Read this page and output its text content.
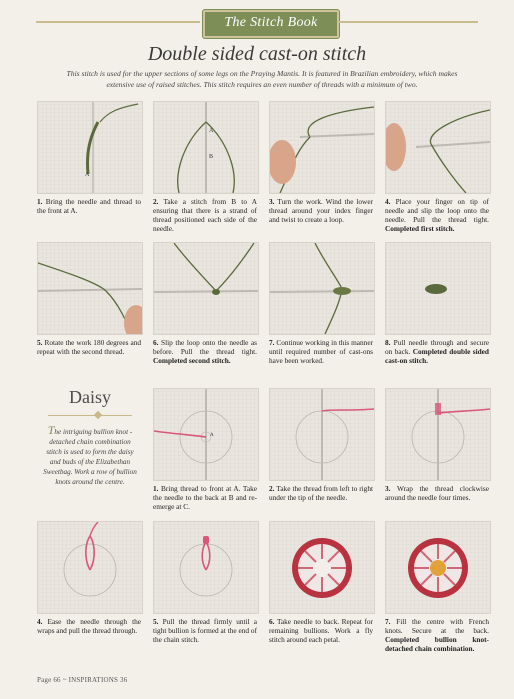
The Stitch Book
Double sided cast-on stitch
This stitch is used for the upper sections of some legs on the Praying Mantis. It is featured in Brazilian embroidery, which makes extensive use of raised stitches. This stitch requires an even number of threads with a minimum of two.
A
A
B
1. Bring the needle and thread to the front at A.
2. Take a stitch from B to A ensuring that there is a strand of thread positioned each side of the needle.
3. Turn the work. Wind the lower thread around your index finger and twist to create a loop.
4. Place your finger on tip of needle and slip the loop onto the needle. Pull the thread tight. Completed first stitch.
5. Rotate the work 180 degrees and repeat with the second thread.
6. Slip the loop onto the needle as before. Pull the thread tight. Completed second stitch.
7. Continue working in this manner until required number of cast-ons have been worked.
8. Pull needle through and secure on back. Completed double sided cast-on stitch.
Daisy
The intriguing bullion knot - detached chain combination stitch is used to form the daisy and buds of the Elizabethan Sweetbag. Work a row of bullion knots around the centre.
A
1. Bring thread to front at A. Take the needle to the back at B and re-emerge at C.
2. Take the thread from left to right under the tip of the needle.
3. Wrap the thread clockwise around the needle four times.
4. Ease the needle through the wraps and pull the thread through.
5. Pull the thread firmly until a tight bullion is formed at the end of the chain stitch.
6. Take needle to back. Repeat for remaining bullions. Work a fly stitch around each petal.
7. Fill the centre with French knots. Secure at the back. Completed bullion knot-detached chain combination.
Page 66 ~ INSPIRATIONS 36
